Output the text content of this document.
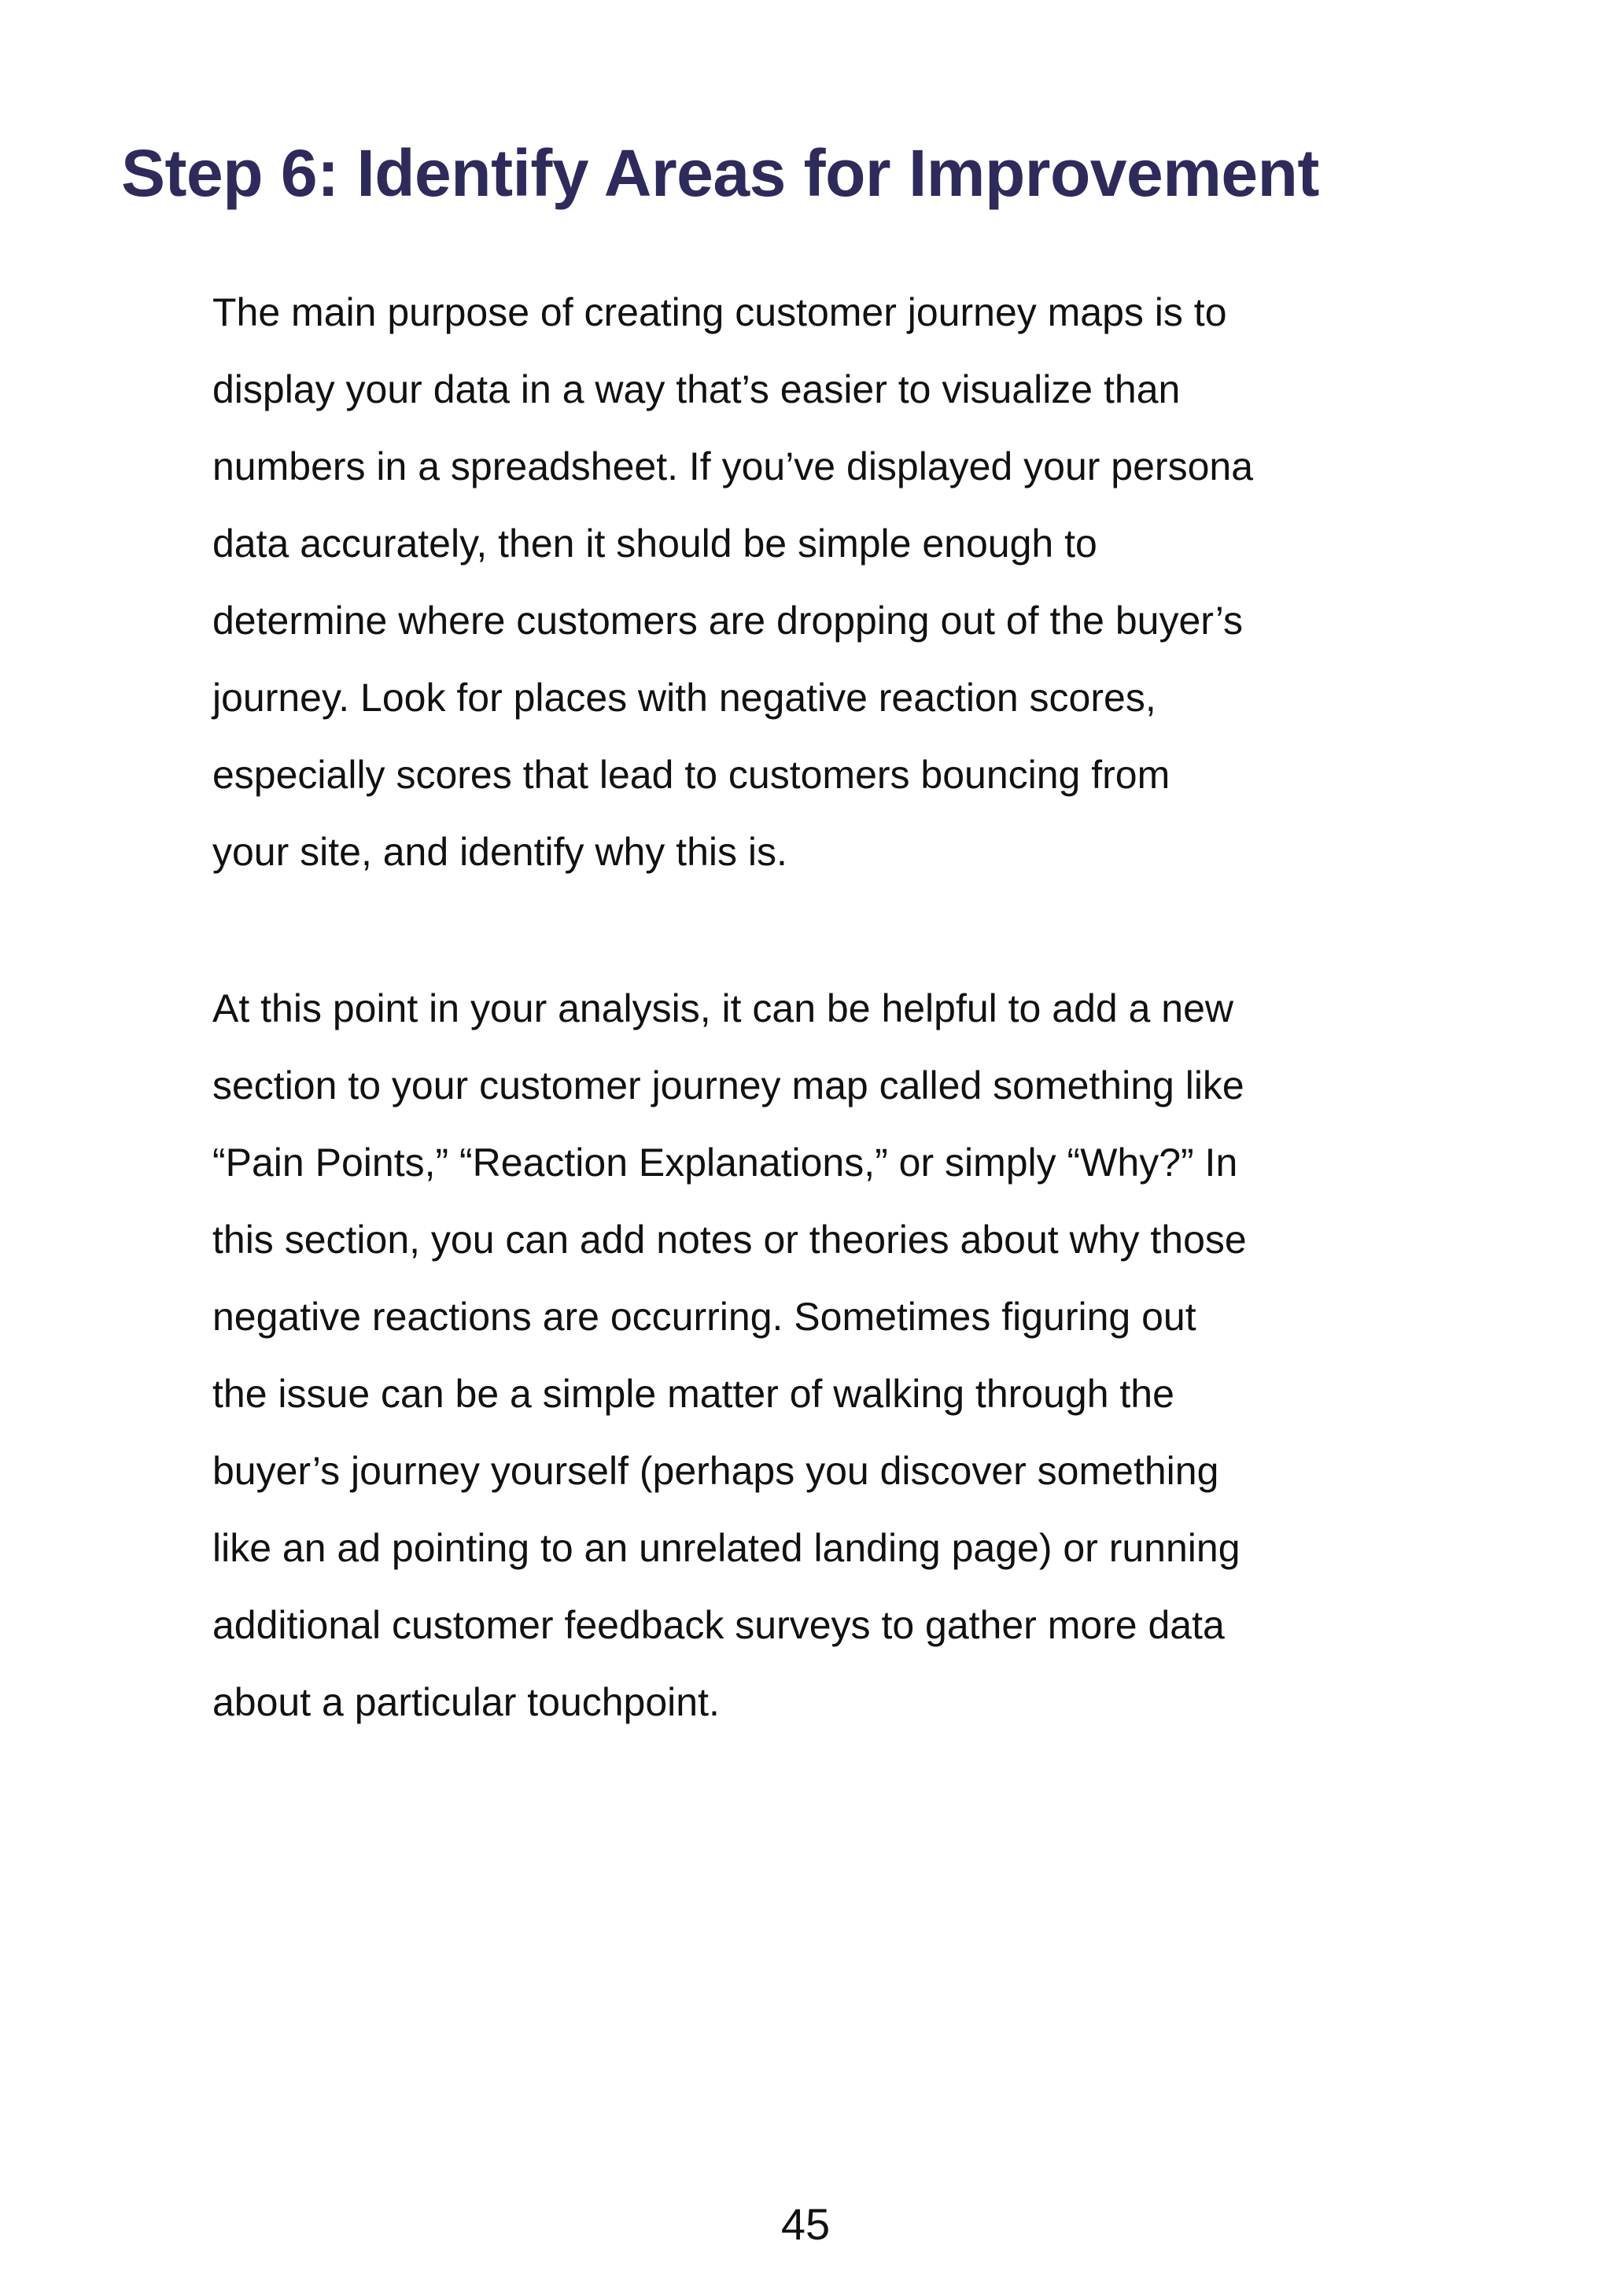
Step 6: Identify Areas for Improvement

The main purpose of creating customer journey maps is to
display your data in a way that’s easier to visualize than
numbers in a spreadsheet. If you’ve displayed your persona
data accurately, then it should be simple enough to
determine where customers are dropping out of the buyer’s
journey. Look for places with negative reaction scores,
especially scores that lead to customers bouncing from
your site, and identify why this is.

At this point in your analysis, it can be helpful to add a new
section to your customer journey map called something like
“Pain Points,” “Reaction Explanations,” or simply “Why?” In
this section, you can add notes or theories about why those
negative reactions are occurring. Sometimes figuring out
the issue can be a simple matter of walking through the
buyer’s journey yourself (perhaps you discover something
like an ad pointing to an unrelated landing page) or running
additional customer feedback surveys to gather more data
about a particular touchpoint.

45
